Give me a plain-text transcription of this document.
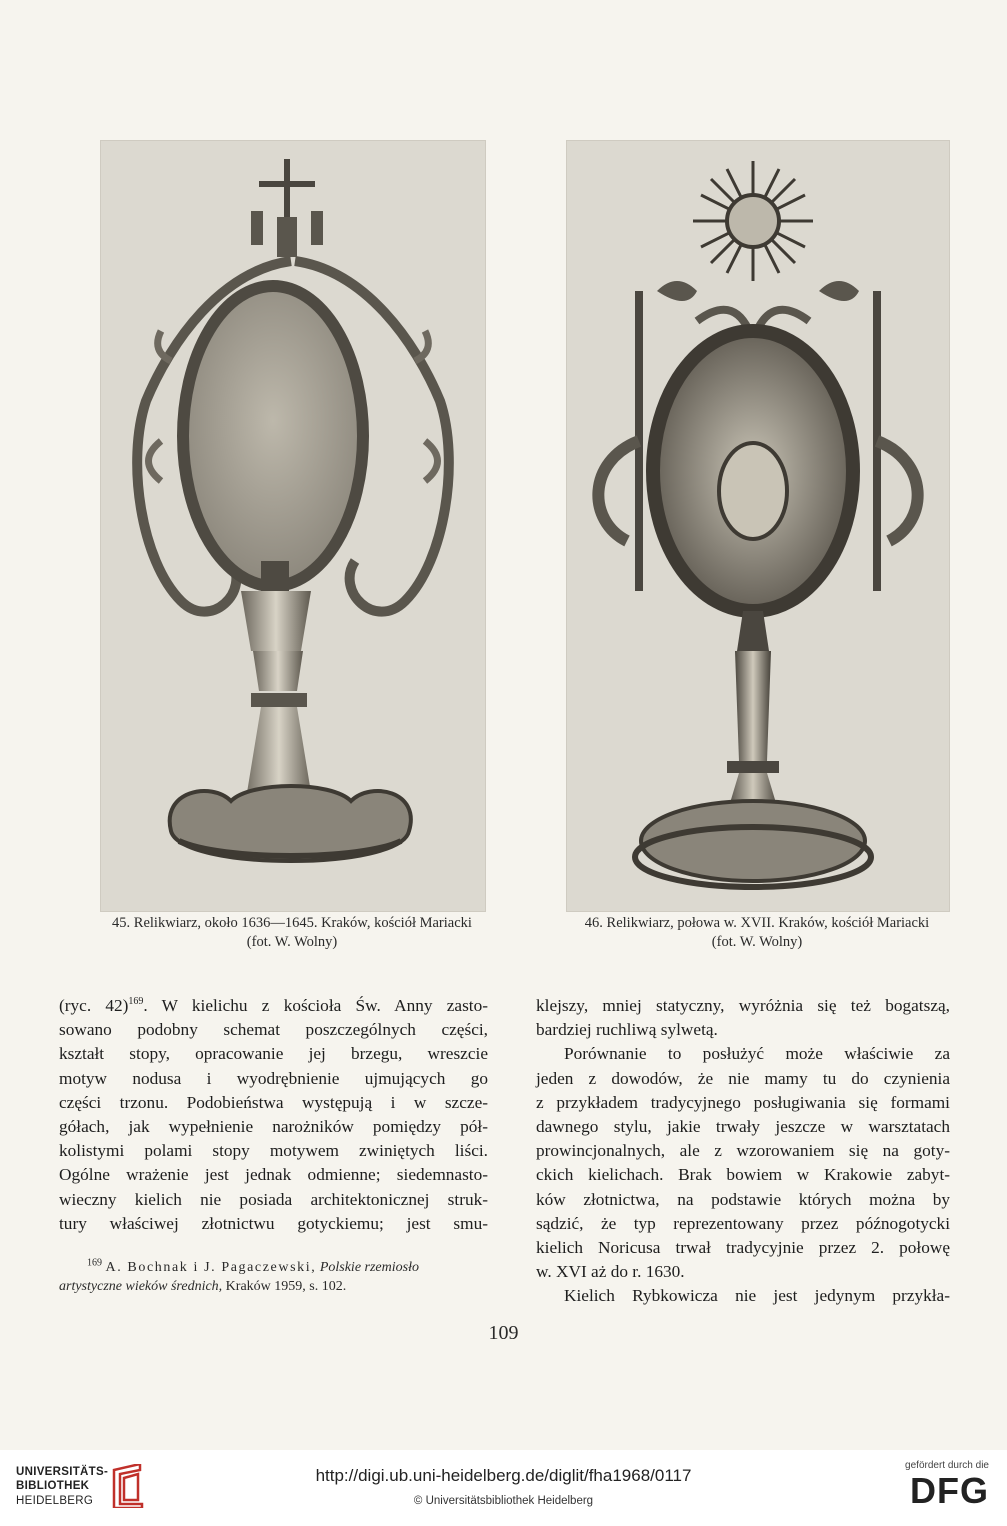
45. Relikwiarz, około 1636—1645. Kraków, kościół Mariacki
(fot. W. Wolny)
46. Relikwiarz, połowa w. XVII. Kraków, kościół Mariacki
(fot. W. Wolny)
(ryc. 42)$^{169}$. W kielichu z kościoła Św. Anny zasto-
sowano podobny schemat poszczególnych części,
kształt stopy, opracowanie jej brzegu, wreszcie
motyw nodusa i wyodrębnienie ujmujących go
części trzonu. Podobieństwa występują i w szcze-
gółach, jak wypełnienie narożników pomiędzy pół-
kolistymi polami stopy motywem zwiniętych liści.
Ogólne wrażenie jest jednak odmienne; siedemnasto-
wieczny kielich nie posiada architektonicznej struk-
tury właściwej złotnictwu gotyckiemu; jest smu-
$^{169}$ A. Bochnak i J. Pagaczewski, Polskie rzemiosło
artystyczne wieków średnich, Kraków 1959, s. 102.
klejszy, mniej statyczny, wyróżnia się też bogatszą,
bardziej ruchliwą sylwetą.
Porównanie to posłużyć może właściwie za
jeden z dowodów, że nie mamy tu do czynienia
z przykładem tradycyjnego posługiwania się formami
dawnego stylu, jakie trwały jeszcze w warsztatach
prowincjonalnych, ale z wzorowaniem się na goty-
ckich kielichach. Brak bowiem w Krakowie zabyt-
ków złotnictwa, na podstawie których można by
sądzić, że typ reprezentowany przez późnogotycki
kielich Noricusa trwał tradycyjnie przez 2. połowę
w. XVI aż do r. 1630.
Kielich Rybkowicza nie jest jedynym przykła-
109
UNIVERSITÄTS-
BIBLIOTHEK
HEIDELBERG
http://digi.ub.uni-heidelberg.de/diglit/fha1968/0117
© Universitätsbibliothek Heidelberg
gefördert durch die
DFG
